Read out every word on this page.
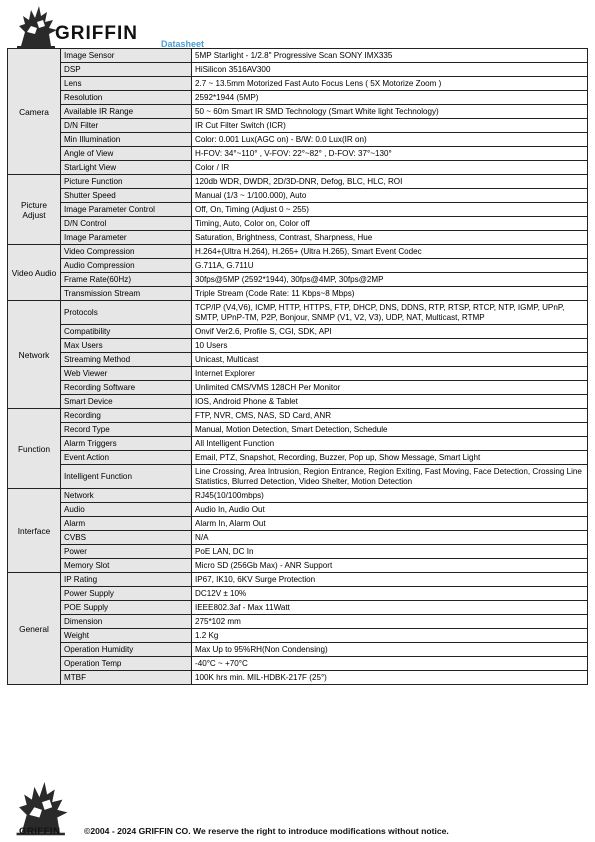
GRIFFIN	Datasheet
Camera	Image Sensor	5MP Starlight - 1/2.8" Progressive Scan SONY IMX335
	DSP	HiSilicon 3516AV300
	Lens	2.7 ~ 13.5mm Motorized Fast Auto Focus Lens ( 5X Motorize Zoom )
	Resolution	2592*1944 (5MP)
	Available IR Range	50 ~ 60m Smart IR SMD Technology (Smart White light Technology)
	D/N Filter	IR Cut Filter Switch (ICR)
	Min Illumination	Color: 0.001 Lux(AGC on) - B/W: 0.0 Lux(IR on)
	Angle of View	H-FOV: 34°~110° , V-FOV: 22°~82° , D-FOV: 37°~130°
	StarLight View	Color / IR
Picture Adjust	Picture Function	120db WDR, DWDR, 2D/3D-DNR, Defog, BLC, HLC, ROI
	Shutter Speed	Manual (1/3 ~ 1/100.000), Auto
	Image Parameter Control	Off, On, Timing (Adjust 0 ~ 255)
	D/N Control	Timing, Auto, Color on, Color off
	Image Parameter	Saturation, Brightness, Contrast, Sharpness, Hue
Video Audio	Video Compression	H.264+(Ultra H.264), H.265+ (Ultra H.265), Smart Event Codec
	Audio Compression	G.711A, G.711U
	Frame Rate(60Hz)	30fps@5MP (2592*1944), 30fps@4MP, 30fps@2MP
	Transmission Stream	Triple Stream (Code Rate: 11 Kbps~8 Mbps)
Network	Protocols	TCP/IP (V4,V6), ICMP, HTTP, HTTPS, FTP, DHCP, DNS, DDNS, RTP, RTSP, RTCP, NTP, IGMP, UPnP, SMTP, UPnP-TM, P2P, Bonjour, SNMP (V1, V2, V3), UDP, NAT, Multicast, RTMP
	Compatibility	Onvif Ver2.6, Profile S, CGI, SDK, API
	Max Users	10 Users
	Streaming Method	Unicast, Multicast
	Web Viewer	Internet Explorer
	Recording Software	Unlimited CMS/VMS 128CH Per Monitor
	Smart Device	IOS, Android Phone & Tablet
Function	Recording	FTP, NVR, CMS, NAS, SD Card, ANR
	Record Type	Manual, Motion Detection, Smart Detection, Schedule
	Alarm Triggers	All Intelligent Function
	Event Action	Email, PTZ, Snapshot, Recording, Buzzer, Pop up, Show Message, Smart Light
	Intelligent Function	Line Crossing, Area Intrusion, Region Entrance, Region Exiting, Fast Moving, Face Detection, Crossing Line Statistics, Blurred Detection, Video Shelter, Motion Detection
Interface	Network	RJ45(10/100mbps)
	Audio	Audio In, Audio Out
	Alarm	Alarm In, Alarm Out
	CVBS	N/A
	Power	PoE LAN, DC In
	Memory Slot	Micro SD (256Gb Max) - ANR Support
General	IP Rating	IP67, IK10, 6KV Surge Protection
	Power Supply	DC12V ± 10%
	POE Supply	IEEE802.3af - Max 11Watt
	Dimension	275*102 mm
	Weight	1.2 Kg
	Operation Humidity	Max Up to 95%RH(Non Condensing)
	Operation Temp	-40°C ~ +70°C
	MTBF	100K hrs min. MIL-HDBK-217F (25°)
GRIFFIN	©2004 - 2024 GRIFFIN CO. We reserve the right to introduce modifications without notice.
